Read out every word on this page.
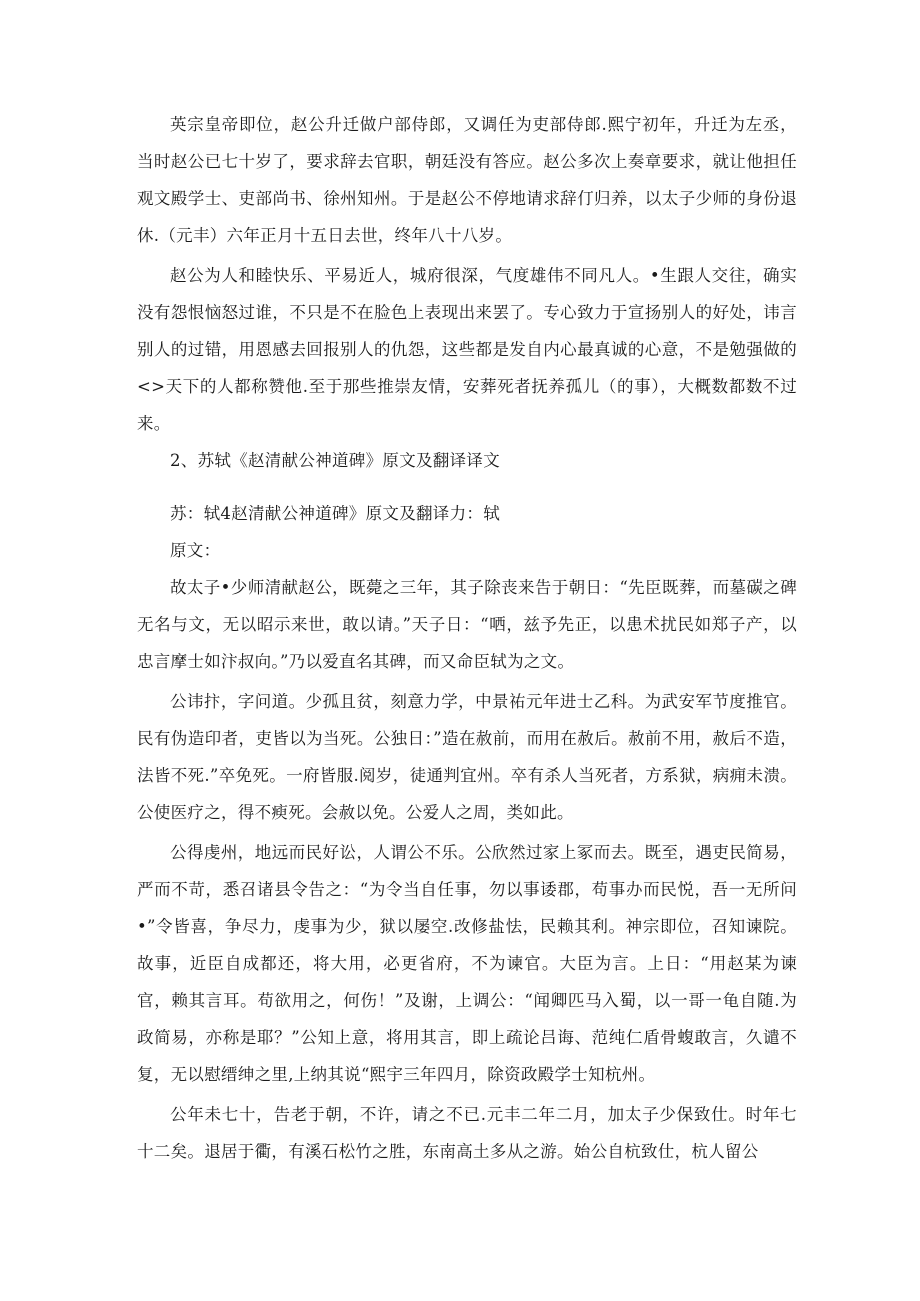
英宗皇帝即位，赵公升迁做户部侍郎，又调任为吏部侍郎.熙宁初年，升迁为左丞，当时赵公已七十岁了，要求辞去官职，朝廷没有答应。赵公多次上奏章要求，就让他担任观文殿学士、吏部尚书、徐州知州。于是赵公不停地请求辞仃归养，以太子少师的身份退休.（元丰）六年正月十五日去世，终年八十八岁。

赵公为人和睦快乐、平易近人，城府很深，气度雄伟不同凡人。•生跟人交往，确实没有怨恨恼怒过谁，不只是不在脸色上表现出来罢了。专心致力于宣扬别人的好处，讳言别人的过错，用恩感去回报别人的仇怨，这些都是发自内心最真诚的心意，不是勉强做的<>天下的人都称赞他.至于那些推崇友情，安葬死者抚养孤儿（的事），大概数都数不过来。

2、苏轼《赵清献公神道碑》原文及翻译译文

苏：轼4赵清献公神道碑》原文及翻译力：轼

原文：

故太子•少师清献赵公，既薨之三年，其子除丧来告于朝日：“先臣既葬，而墓碳之碑无名与文，无以昭示来世，敢以请。”天子日：“哂，兹予先正，以患术扰民如郑子产，以忠言摩士如汴叔向。”乃以爱直名其碑，而又命臣轼为之文。

公讳抃，字问道。少孤且贫，刻意力学，中景祐元年进士乙科。为武安军节度推官。民有伪造印者，吏皆以为当死。公独日：”造在赦前，而用在赦后。赦前不用，赦后不造，法皆不死.”卒免死。一府皆服.阅岁，徒通判宜州。卒有杀人当死者，方系狱，病痈未溃。公使医疗之，得不瘐死。会赦以免。公爱人之周，类如此。

公得虔州，地远而民好讼，人谓公不乐。公欣然过家上冢而去。既至，遇吏民简易，严而不苛，悉召诸县令告之：“为令当自任事，勿以事诿郡，苟事办而民悦，吾一无所问•”令皆喜，争尽力，虔事为少，狱以屡空.改修盐怯，民赖其利。神宗即位，召知谏院。故事，近臣自成都还，将大用，必更省府，不为谏官。大臣为言。上日：“用赵某为谏官，赖其言耳。苟欲用之，何伤！”及谢，上调公：“闻卿匹马入蜀，以一哥一龟自随.为政简易，亦称是耶？”公知上意，将用其言，即上疏论吕诲、范纯仁盾骨蝮敢言，久谴不复，无以慰缙绅之里,上纳其说“熙宇三年四月，除资政殿学士知杭州。

公年未七十，告老于朝，不许，请之不已.元丰二年二月，加太子少保致仕。时年七十二矣。退居于衢，有溪石松竹之胜，东南高土多从之游。始公自杭致仕，杭人留公
